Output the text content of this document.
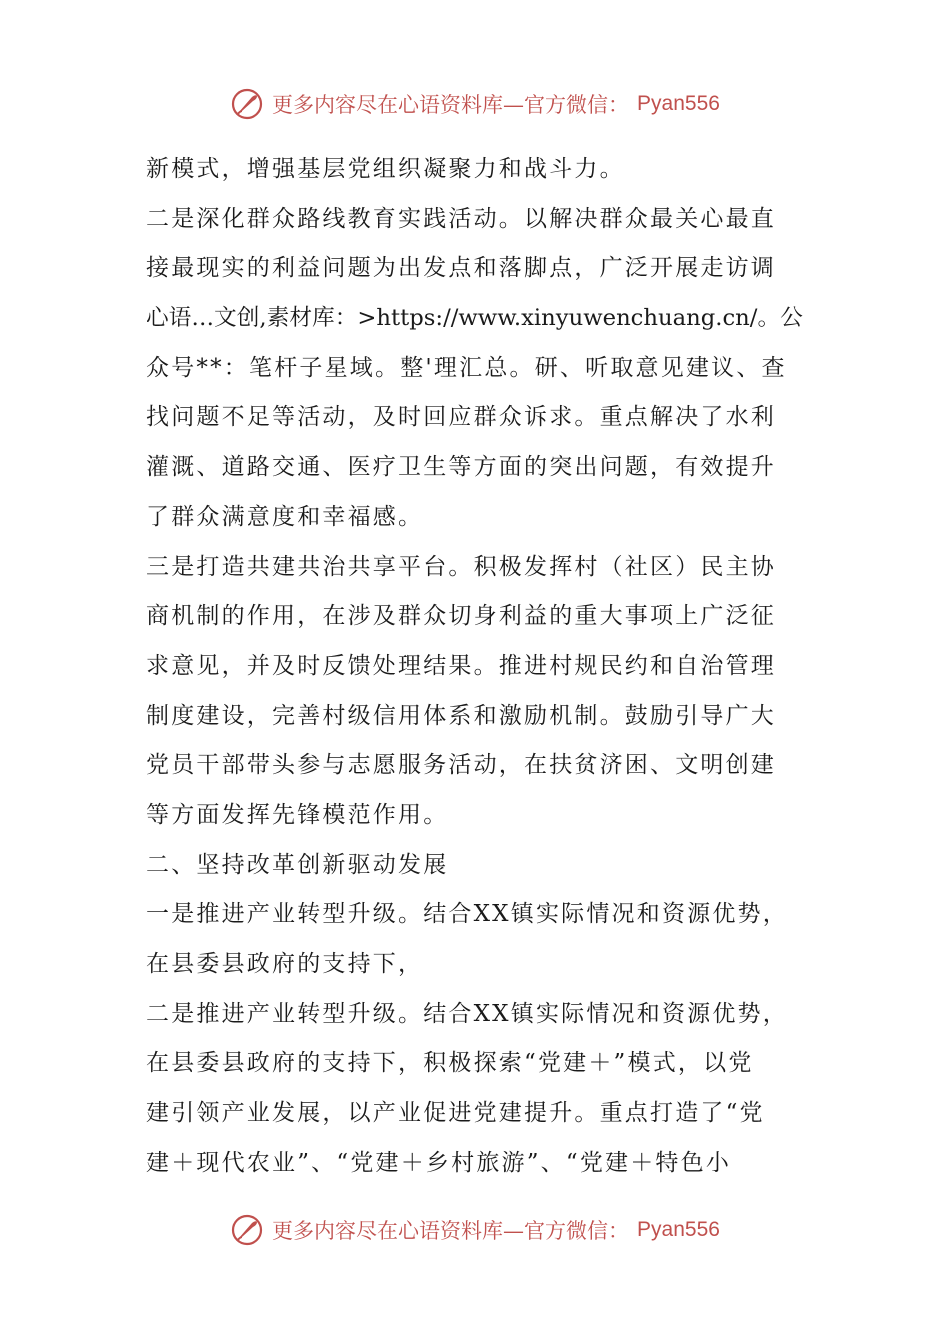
更多内容尽在心语资料库—官方微信： Pyan556
新模式，增强基层党组织凝聚力和战斗力。
二是深化群众路线教育实践活动。以解决群众最关心最直
接最现实的利益问题为出发点和落脚点，广泛开展走访调
心语…文创,素材库：>https://www.xinyuwenchuang.cn/。公
众号**：笔杆子星域。整'理汇总。研、听取意见建议、查
找问题不足等活动，及时回应群众诉求。重点解决了水利
灌溉、道路交通、医疗卫生等方面的突出问题，有效提升
了群众满意度和幸福感。
三是打造共建共治共享平台。积极发挥村（社区）民主协
商机制的作用，在涉及群众切身利益的重大事项上广泛征
求意见，并及时反馈处理结果。推进村规民约和自治管理
制度建设，完善村级信用体系和激励机制。鼓励引导广大
党员干部带头参与志愿服务活动，在扶贫济困、文明创建
等方面发挥先锋模范作用。
二、坚持改革创新驱动发展
一是推进产业转型升级。结合XX镇实际情况和资源优势，
在县委县政府的支持下，
二是推进产业转型升级。结合XX镇实际情况和资源优势，
在县委县政府的支持下，积极探索“党建＋”模式，以党
建引领产业发展，以产业促进党建提升。重点打造了“党
建＋现代农业”、“党建＋乡村旅游”、“党建＋特色小
更多内容尽在心语资料库—官方微信： Pyan556
